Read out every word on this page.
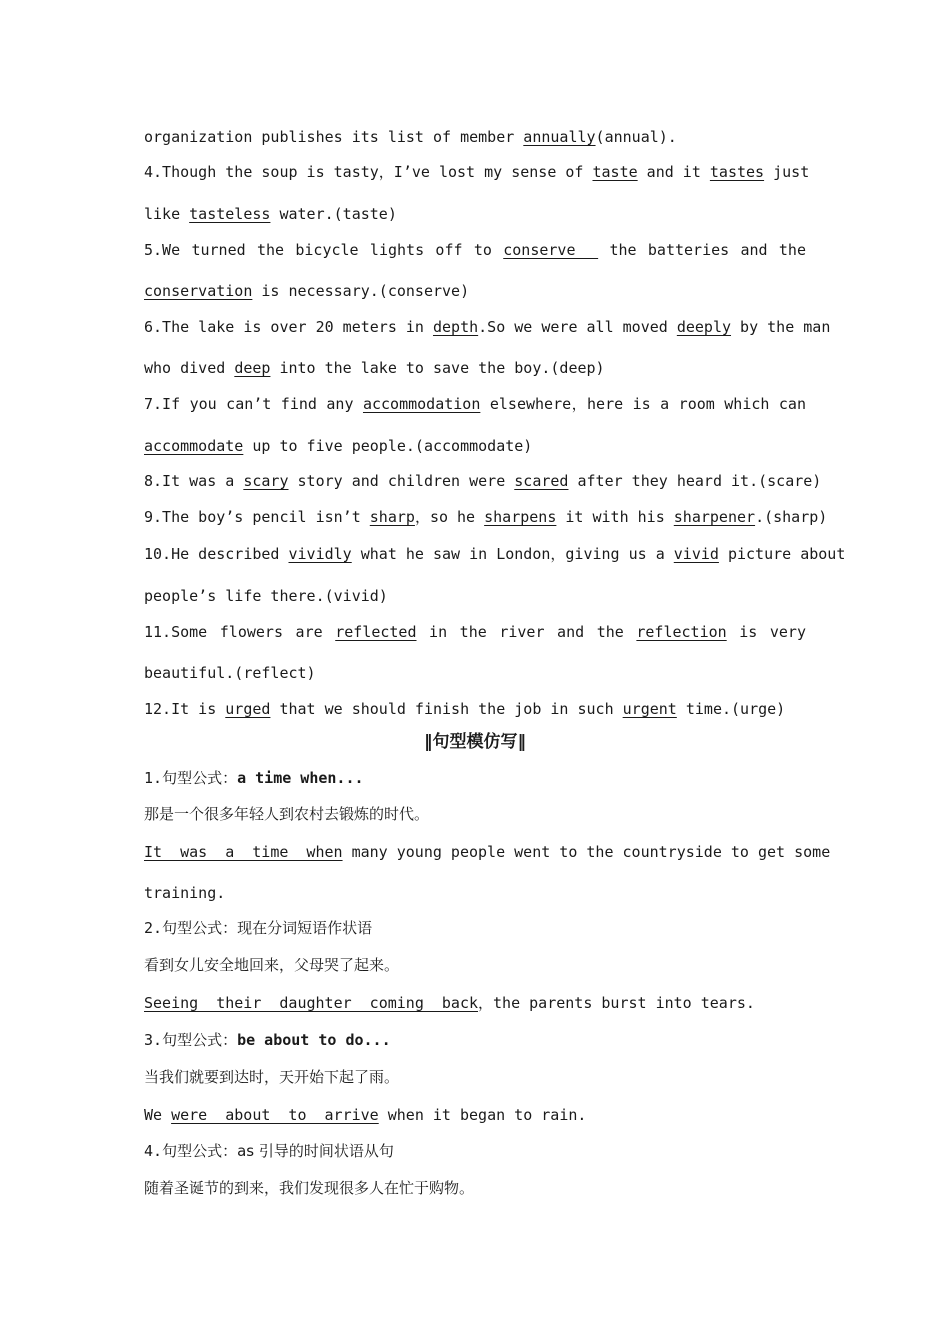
organization publishes its list of member annually(annual).
4.Though the soup is tasty，I’ve lost my sense of taste and it tastes just
like tasteless water.(taste)
5.We turned the bicycle lights off to conserve   the batteries and the
conservation is necessary.(conserve)
6.The lake is over 20 meters in depth.So we were all moved deeply by the man
who dived deep into the lake to save the boy.(deep)
7.If you can’t find any accommodation elsewhere，here is a room which can
accommodate up to five people.(accommodate)
8.It was a scary story and children were scared after they heard it.(scare)
9.The boy’s pencil isn’t sharp，so he sharpens it with his sharpener.(sharp)
10.He described vividly what he saw in London，giving us a vivid picture about
people’s life there.(vivid)
11.Some flowers are reflected in the river and the reflection is very
beautiful.(reflect)
12.It is urged that we should finish the job in such urgent time.(urge)
‖句型模仿写‖
1.句型公式：a time when...
那是一个很多年轻人到农村去锻炼的时代。
It was a time when many young people went to the countryside to get some
training.
2.句型公式：现在分词短语作状语
看到女儿安全地回来，父母哭了起来。
Seeing their daughter coming back，the parents burst into tears.
3.句型公式：be about to do...
当我们就要到达时，天开始下起了雨。
We were about to arrive when it began to rain.
4.句型公式：as 引导的时间状语从句
随着圣诞节的到来，我们发现很多人在忙于购物。
